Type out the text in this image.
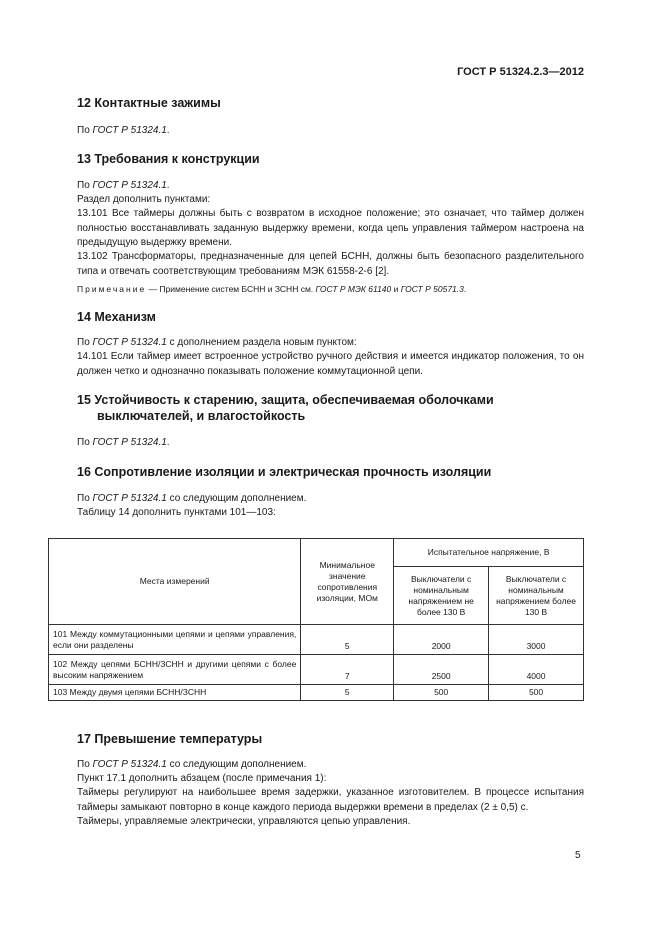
ГОСТ Р 51324.2.3—2012
12 Контактные зажимы
По ГОСТ Р 51324.1.
13 Требования к конструкции
По ГОСТ Р 51324.1.
Раздел дополнить пунктами:
13.101 Все таймеры должны быть с возвратом в исходное положение; это означает, что таймер должен полностью восстанавливать заданную выдержку времени, когда цепь управления таймером настроена на предыдущую выдержку времени.
13.102 Трансформаторы, предназначенные для цепей БСНН, должны быть безопасного разделительного типа и отвечать соответствующим требованиям МЭК 61558-2-6 [2].
Примечание — Применение систем БСНН и ЗСНН см. ГОСТ Р МЭК 61140 и ГОСТ Р 50571.3.
14 Механизм
По ГОСТ Р 51324.1 с дополнением раздела новым пунктом:
14.101 Если таймер имеет встроенное устройство ручного действия и имеется индикатор положения, то он должен четко и однозначно показывать положение коммутационной цепи.
15 Устойчивость к старению, защита, обеспечиваемая оболочками
выключателей, и влагостойкость
По ГОСТ Р 51324.1.
16 Сопротивление изоляции и электрическая прочность изоляции
По ГОСТ Р 51324.1 со следующим дополнением.
Таблицу 14 дополнить пунктами 101—103:
Места измерений	Минимальное значение сопротивления изоляции, МОм	Испытательное напряжение, В	
		Выключатели с номинальным напряжением не более 130 В	Выключатели с номинальным напряжением более 130 В
101 Между коммутационными цепями и цепями управления, если они разделены	5	2000	3000
102 Между цепями БСНН/ЗСНН и другими цепями с более высоким напряжением	7	2500	4000
103 Между двумя цепями БСНН/ЗСНН	5	500	500
17 Превышение температуры
По ГОСТ Р 51324.1 со следующим дополнением.
Пункт 17.1 дополнить абзацем (после примечания 1):
Таймеры регулируют на наибольшее время задержки, указанное изготовителем. В процессе испытания таймеры замыкают повторно в конце каждого периода выдержки времени в пределах (2 ± 0,5) с.
Таймеры, управляемые электрически, управляются цепью управления.
5
